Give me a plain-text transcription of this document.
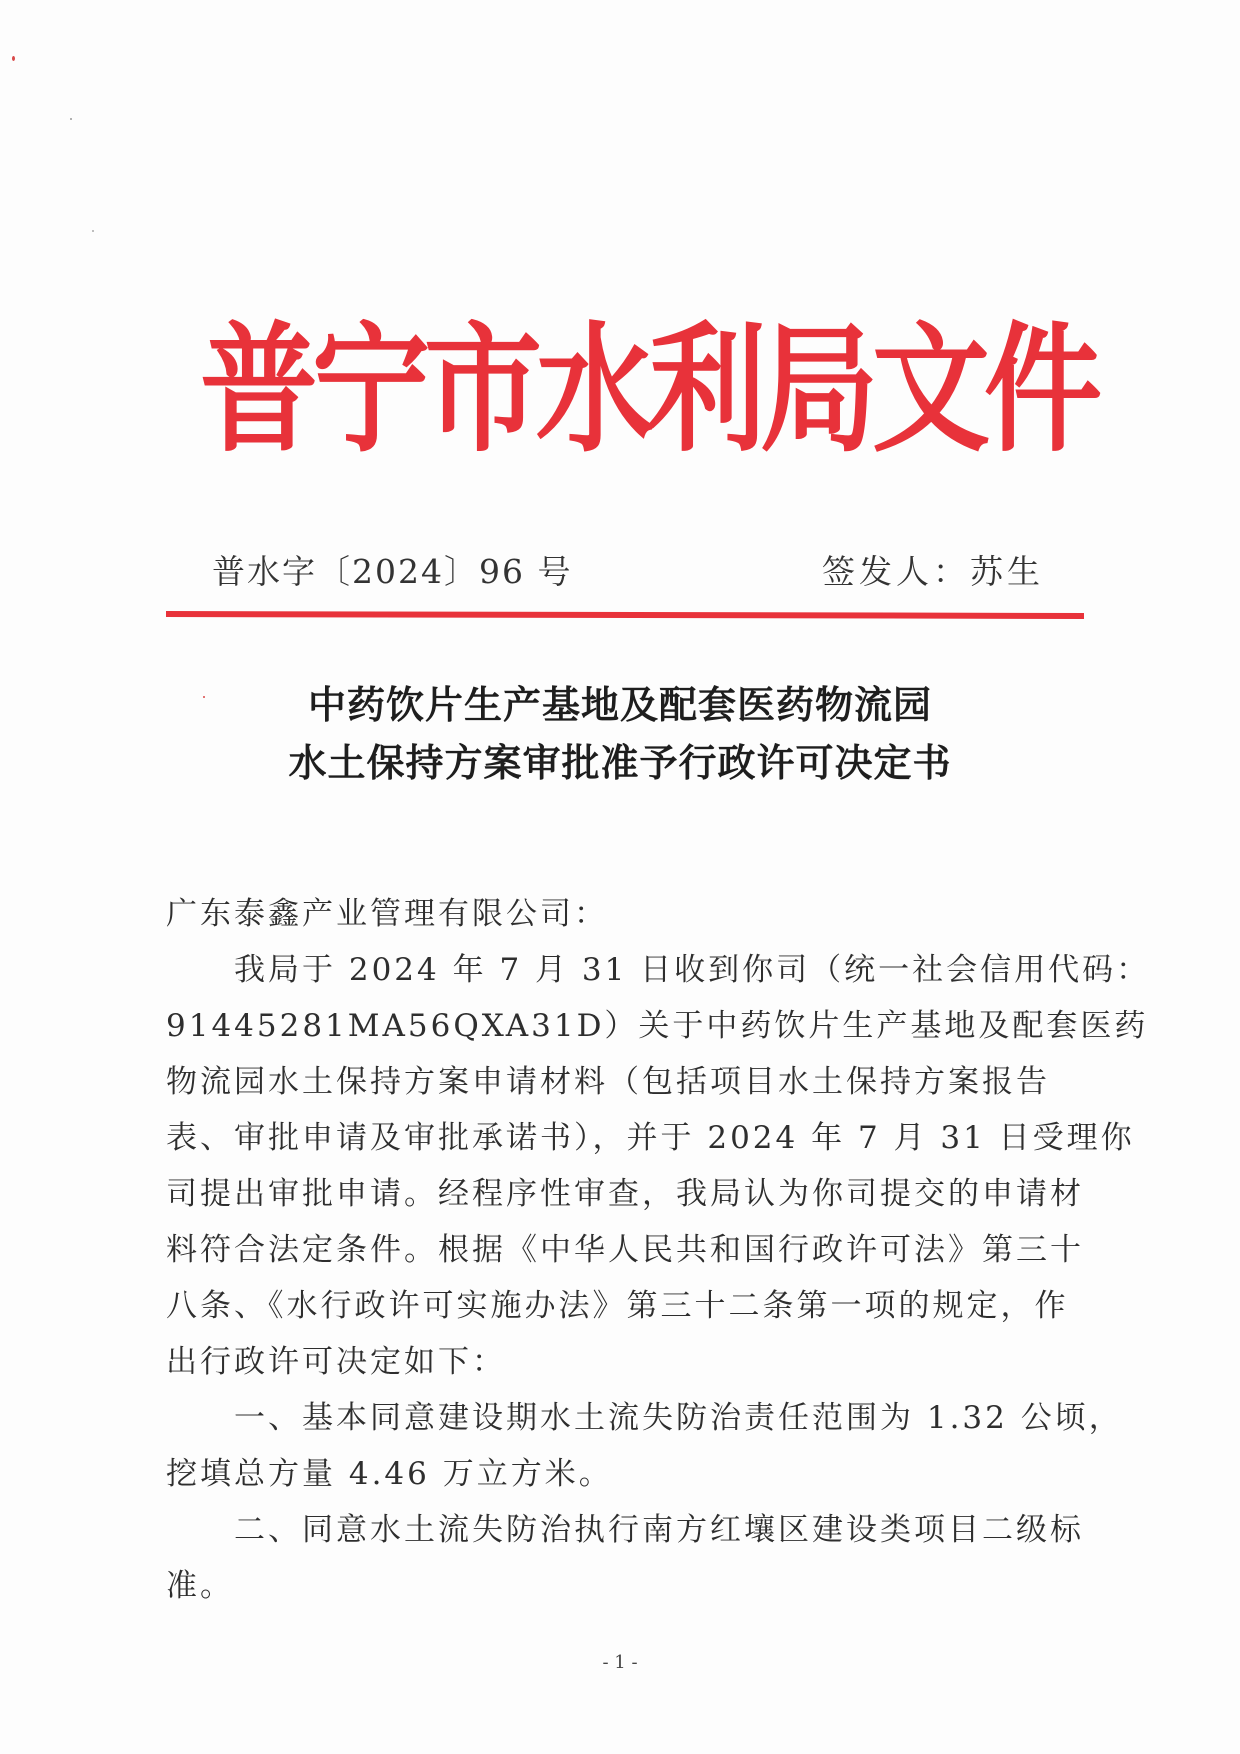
普宁市水利局文件
普水字〔2024〕96 号	签发人：苏生
中药饮片生产基地及配套医药物流园
水土保持方案审批准予行政许可决定书
广东泰鑫产业管理有限公司：
　　我局于 2024 年 7 月 31 日收到你司（统一社会信用代码：
91445281MA56QXA31D）关于中药饮片生产基地及配套医药
物流园水土保持方案申请材料（包括项目水土保持方案报告
表、审批申请及审批承诺书），并于 2024 年 7 月 31 日受理你
司提出审批申请。经程序性审查，我局认为你司提交的申请材
料符合法定条件。根据《中华人民共和国行政许可法》第三十
八条、《水行政许可实施办法》第三十二条第一项的规定，作
出行政许可决定如下：
　　一、基本同意建设期水土流失防治责任范围为 1.32 公顷，
挖填总方量 4.46 万立方米。
　　二、同意水土流失防治执行南方红壤区建设类项目二级标
准。
- 1 -
